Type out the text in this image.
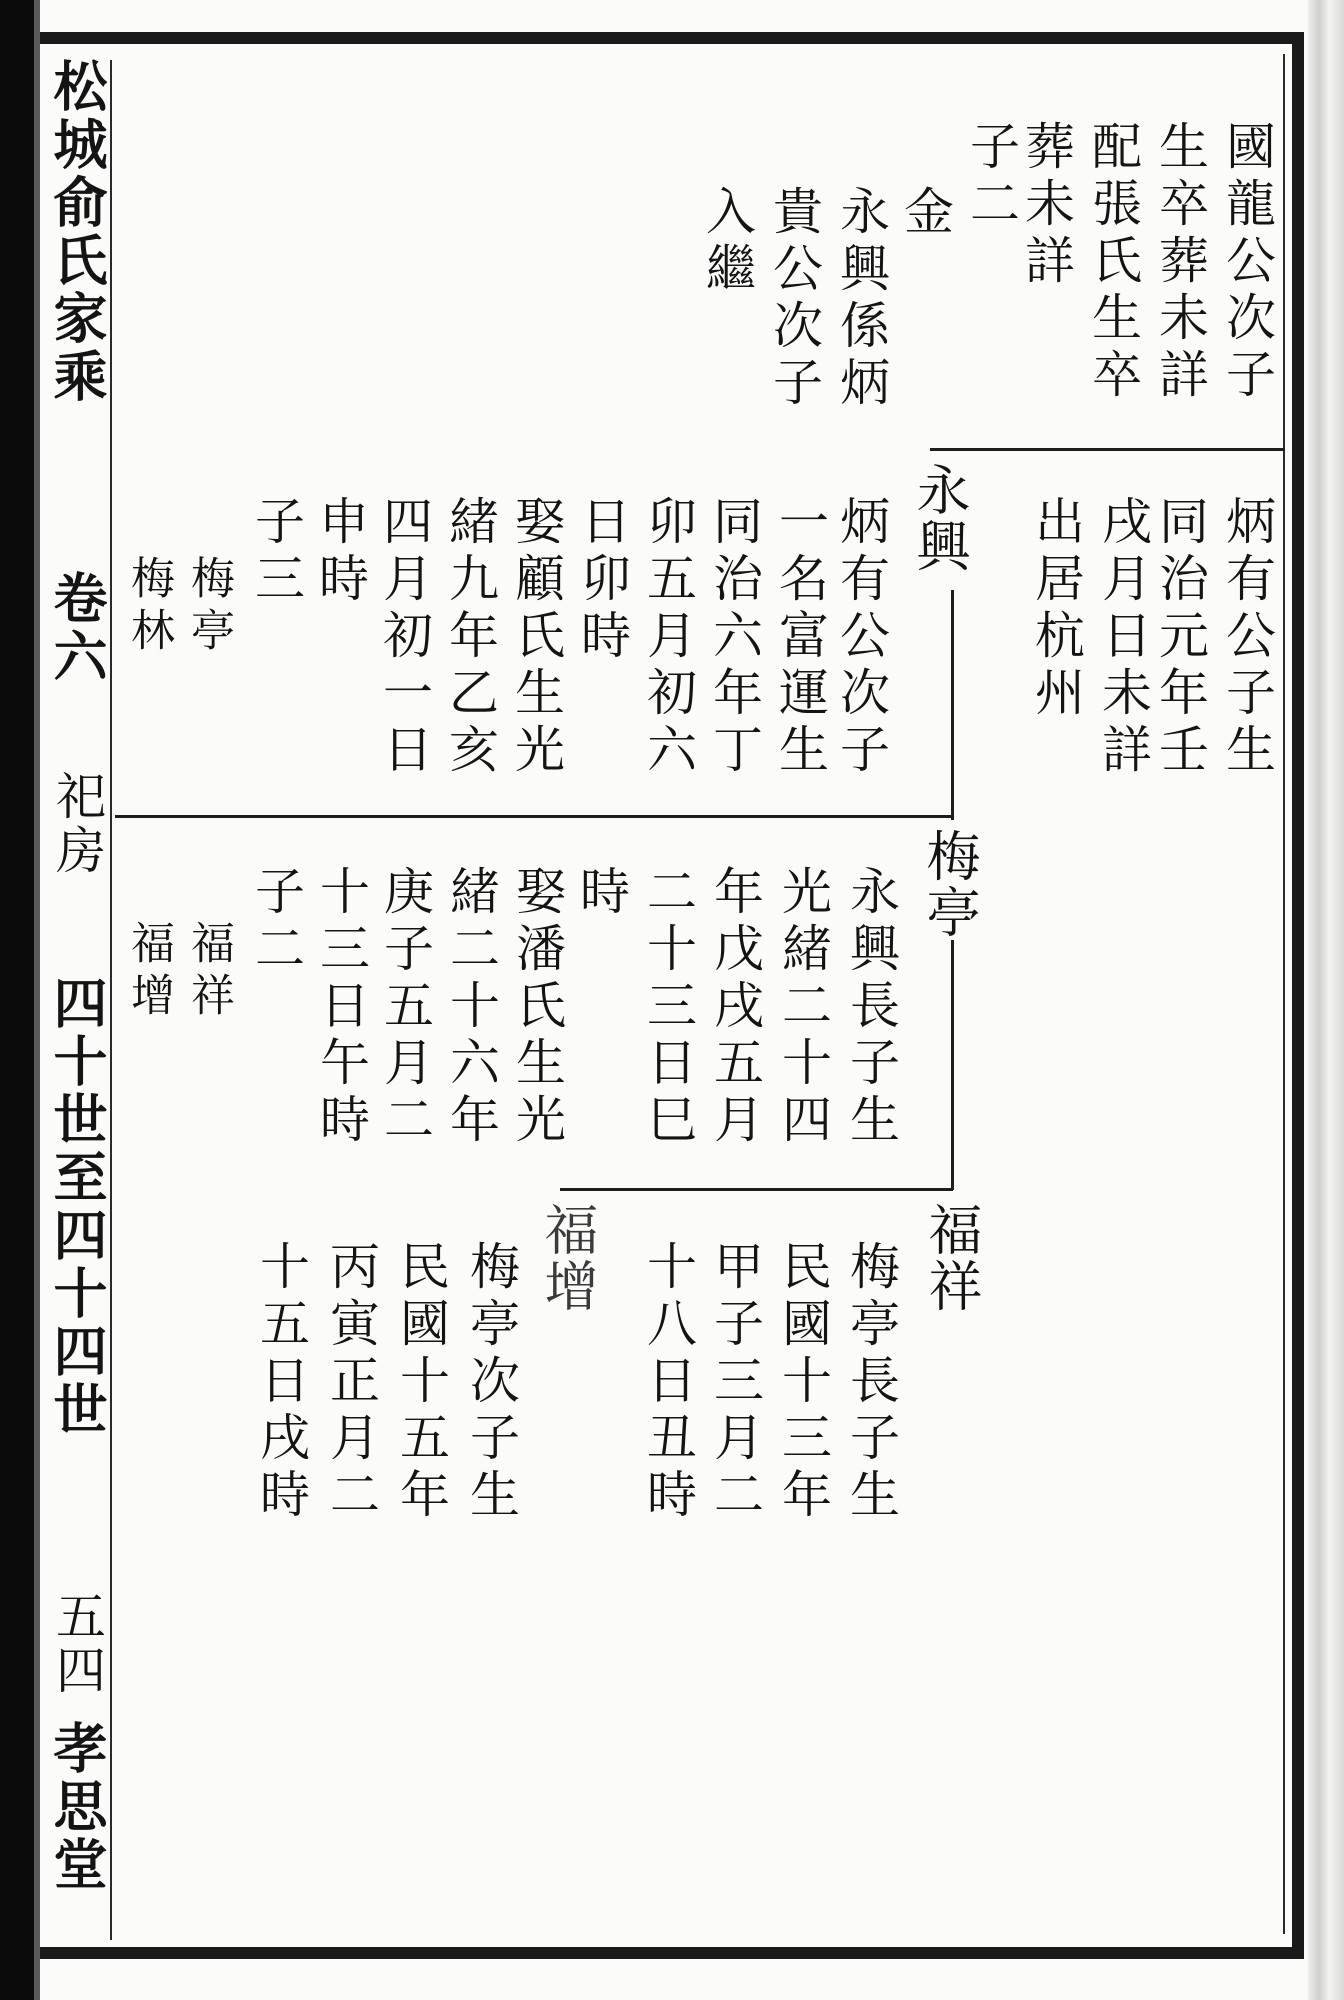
松城俞氏家乘
卷六
祀房
四十世至四十四世
五四
孝思堂
國龍公次子
生卒葬未詳
配張氏生卒
葬未詳
子二
金
永興係炳
貴公次子
入繼
炳有公子生
同治元年壬
戌月日未詳
出居杭州
永興
炳有公次子
一名富運生
同治六年丁
卯五月初六
日卯時
娶顧氏生光
緒九年乙亥
四月初一日
申時
子三
梅亭
梅林
梅亭
永興長子生
光緒二十四
年戊戌五月
二十三日巳
時
娶潘氏生光
緒二十六年
庚子五月二
十三日午時
子二
福祥
福增
福祥
梅亭長子生
民國十三年
甲子三月二
十八日丑時
福增
梅亭次子生
民國十五年
丙寅正月二
十五日戌時
